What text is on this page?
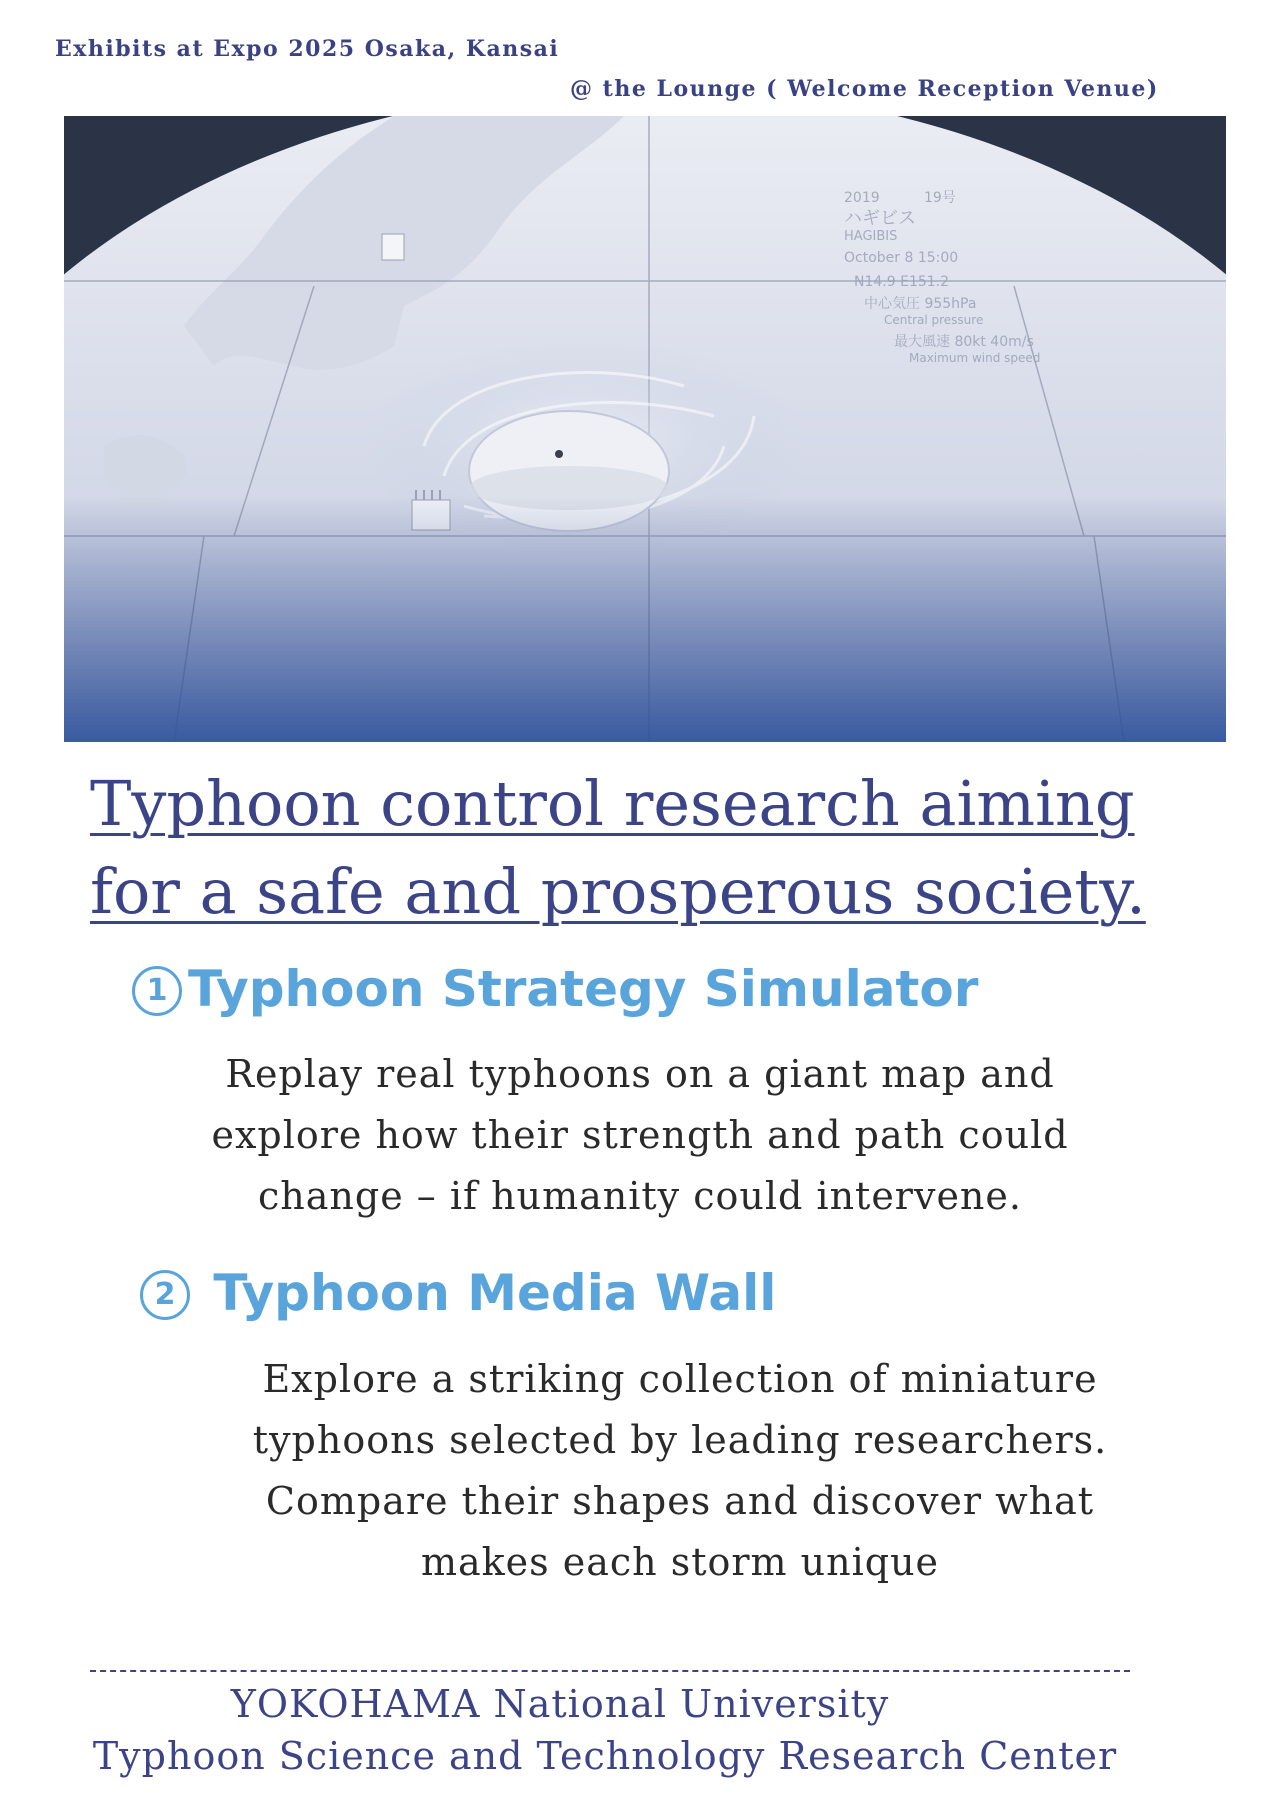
Exhibits at Expo 2025 Osaka, Kansai
@ the Lounge ( Welcome Reception Venue)
2019	19号
ハギビス
HAGIBIS
October 8 15:00
N14.9 E151.2
中心気圧 955hPa
Central pressure
最大風速 80kt 40m/s
Maximum wind speed
Typhoon control research aiming
for a safe and prosperous society.
1 Typhoon Strategy Simulator
Replay real typhoons on a giant map and
explore how their strength and path could
change – if humanity could intervene.
2 Typhoon Media Wall
Explore a striking collection of miniature
typhoons selected by leading researchers.
Compare their shapes and discover what
makes each storm unique
YOKOHAMA National University
Typhoon Science and Technology Research Center
